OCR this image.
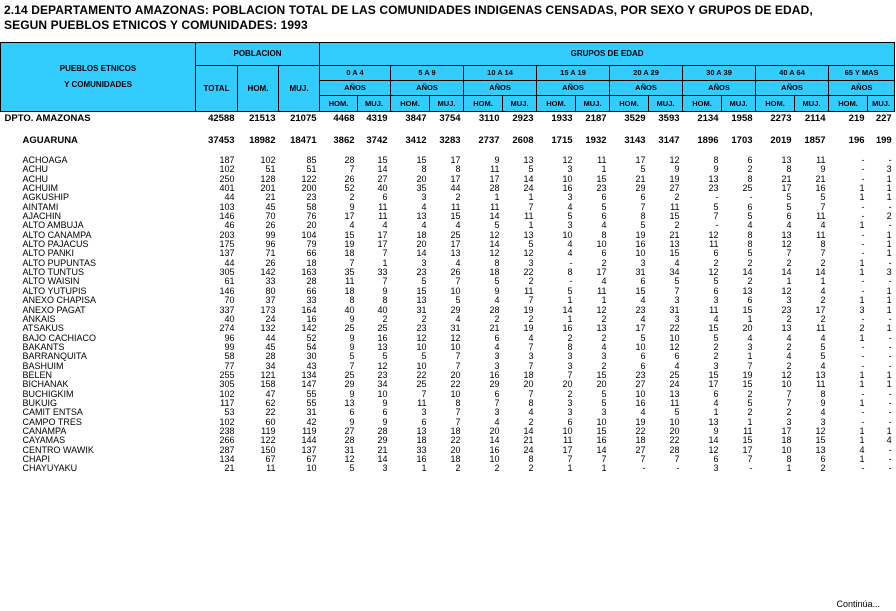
2.14 DEPARTAMENTO AMAZONAS: POBLACION TOTAL DE LAS COMUNIDADES INDIGENAS CENSADAS, POR SEXO Y GRUPOS DE EDAD,
SEGUN PUEBLOS ETNICOS Y COMUNIDADES: 1993
PUEBLOS ETNICOS
Y COMUNIDADES	POBLACION			GRUPOS DE EDAD															
	TOTAL	HOM.	MUJ.	0 A 4		5 A 9		10 A 14		15 A 19		20 A 29		30 A 39		40 A 64		65 Y MAS	
				AÑOS		AÑOS		AÑOS		AÑOS		AÑOS		AÑOS		AÑOS		AÑOS	
				HOM.	MUJ.	HOM.	MUJ.	HOM.	MUJ.	HOM.	MUJ.	HOM.	MUJ.	HOM.	MUJ.	HOM.	MUJ.	HOM.	MUJ.
DPTO. AMAZONAS	42588	21513	21075	4468	4319	3847	3754	3110	2923	1933	2187	3529	3593	2134	1958	2273	2114	219	227

AGUARUNA	37453	18982	18471	3862	3742	3412	3283	2737	2608	1715	1932	3143	3147	1896	1703	2019	1857	196	199

ACHOAGA	187	102	85	28	15	15	17	9	13	12	11	17	12	8	6	13	11	-	-
ACHU	102	51	51	7	14	8	8	11	5	3	1	5	9	9	2	8	9	-	3
ACHU	250	128	122	26	27	20	17	17	14	10	15	21	19	13	8	21	21	-	1
ACHUIM	401	201	200	52	40	35	44	28	24	16	23	29	27	23	25	17	16	1	1
AGKUSHIP	44	21	23	2	6	3	2	1	1	3	6	6	2	-	-	5	5	1	1
AINTAMI	103	45	58	9	11	4	11	11	7	4	5	7	11	5	6	5	7	-	-
AJACHIN	146	70	76	17	11	13	15	14	11	5	6	8	15	7	5	6	11	-	2
ALTO AMBUJA	46	26	20	4	4	4	4	5	1	3	4	5	2	-	4	4	4	1	-
ALTO CANAMPA	203	99	104	15	17	18	25	12	13	10	8	19	21	12	8	13	11	-	1
ALTO PAJACUS	175	96	79	19	17	20	17	14	5	4	10	16	13	11	8	12	8	-	1
ALTO PANKI	137	71	66	18	7	14	13	12	12	4	6	10	15	6	5	7	7	-	1
ALTO PUPUNTAS	44	26	18	7	1	3	4	8	3	-	2	3	4	2	2	2	2	1	-
ALTO TUNTUS	305	142	163	35	33	23	26	18	22	8	17	31	34	12	14	14	14	1	3
ALTO WAISIN	61	33	28	11	7	5	7	5	2	-	4	6	5	5	2	1	1	-	-
ALTO YUTUPIS	146	80	66	18	9	15	10	9	11	5	11	15	7	6	13	12	4	-	1
ANEXO CHAPISA	70	37	33	8	8	13	5	4	7	1	1	4	3	3	6	3	2	1	1
ANEXO PAGAT	337	173	164	40	40	31	29	28	19	14	12	23	31	11	15	23	17	3	1
ANKAIS	40	24	16	9	2	2	4	2	2	1	2	4	3	4	1	2	2	-	-
ATSAKUS	274	132	142	25	25	23	31	21	19	16	13	17	22	15	20	13	11	2	1
BAJO CACHIACO	96	44	52	9	16	12	12	6	4	2	2	5	10	5	4	4	4	1	-
BAKANTS	99	45	54	9	13	10	10	4	7	8	4	10	12	2	3	2	5	-	-
BARRANQUITA	58	28	30	5	5	5	7	3	3	3	3	6	6	2	1	4	5	-	-
BASHUIM	77	34	43	7	12	10	7	3	7	3	2	6	4	3	7	2	4	-	-
BELEN	255	121	134	25	23	22	20	16	18	7	15	23	25	15	19	12	13	1	1
BICHANAK	305	158	147	29	34	25	22	29	20	20	20	27	24	17	15	10	11	1	1
BUCHIGKIM	102	47	55	9	10	7	10	6	7	2	5	10	13	6	2	7	8	-	-
BUKUIG	117	62	55	13	9	11	8	7	8	3	5	16	11	4	5	7	9	1	-
CAMIT ENTSA	53	22	31	6	6	3	7	3	4	3	3	4	5	1	2	2	4	-	-
CAMPO TRES	102	60	42	9	9	6	7	4	2	6	10	19	10	13	1	3	3	-	-
CANAMPA	238	119	119	27	28	13	18	20	14	10	15	22	20	9	11	17	12	1	1
CAYAMAS	266	122	144	28	29	18	22	14	21	11	16	18	22	14	15	18	15	1	4
CENTRO WAWIK	287	150	137	31	21	33	20	16	24	17	14	27	28	12	17	10	13	4	-
CHAPI	134	67	67	12	14	16	18	10	8	7	7	7	7	6	7	8	6	1	-
CHAYUYAKU	21	11	10	5	3	1	2	2	2	1	1	-	-	3	-	1	2	-	-
Continúa...
